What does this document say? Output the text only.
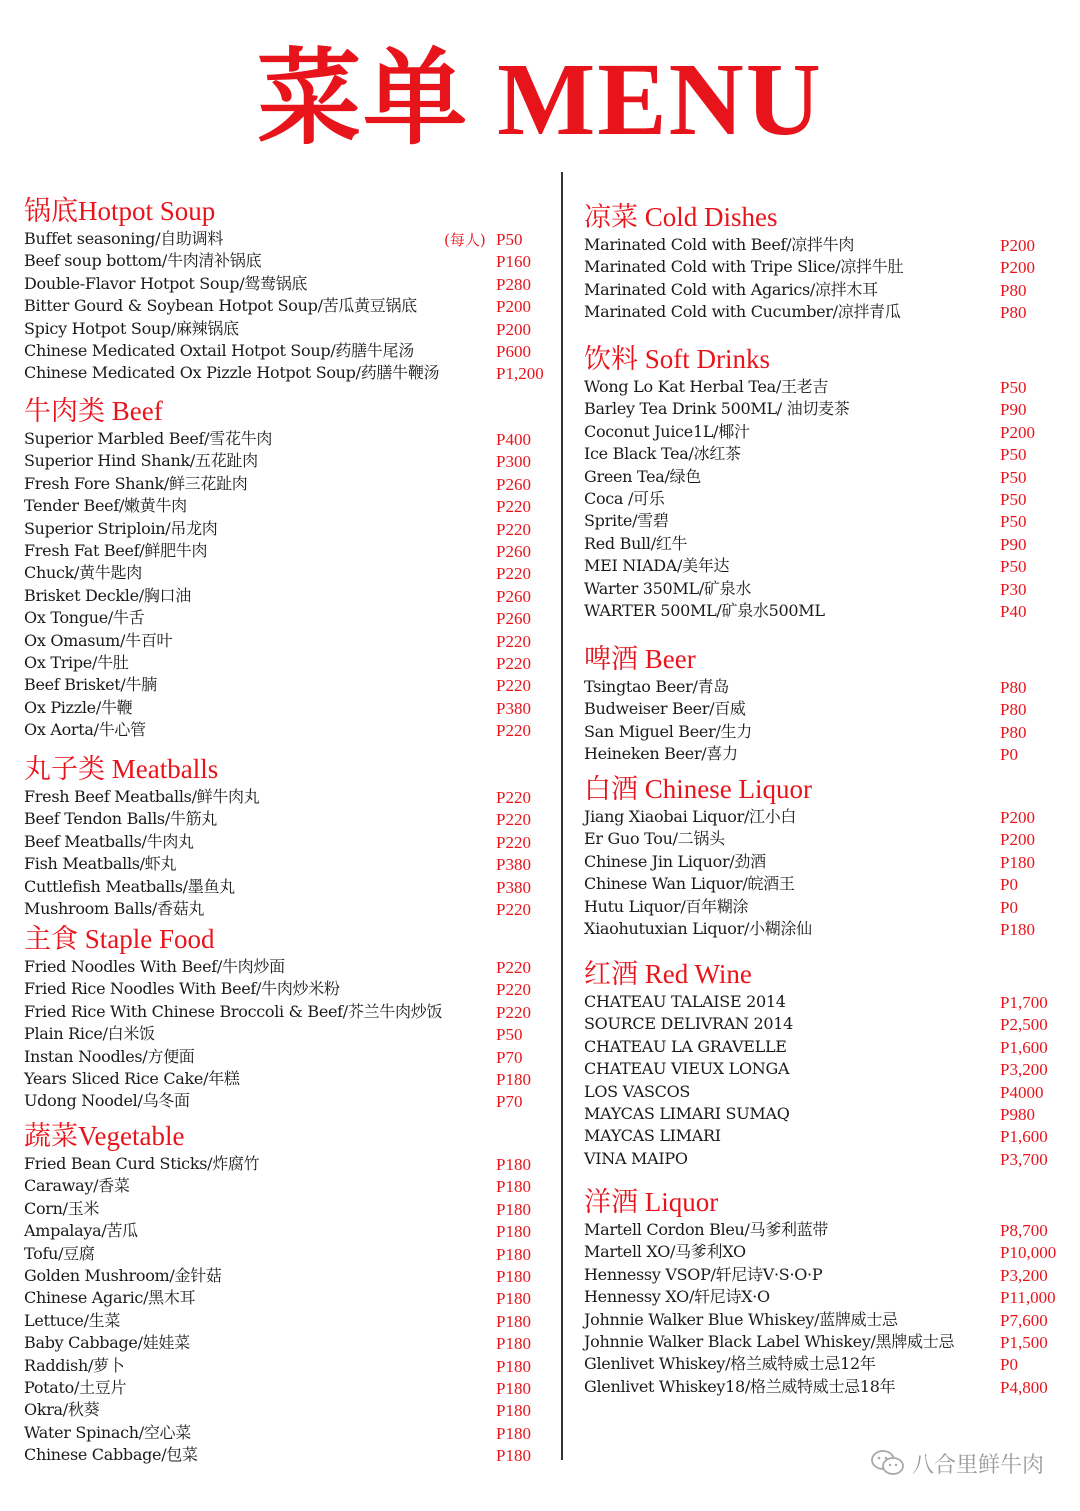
菜单 MENU
锅底Hotpot Soup
Buffet seasoning/自助调料	(每人) P50
Beef soup bottom/牛肉清补锅底	P160
Double-Flavor Hotpot Soup/鸳鸯锅底	P280
Bitter Gourd & Soybean Hotpot Soup/苦瓜黄豆锅底	P200
Spicy Hotpot Soup/麻辣锅底	P200
Chinese Medicated Oxtail Hotpot Soup/药膳牛尾汤	P600
Chinese Medicated Ox Pizzle Hotpot Soup/药膳牛鞭汤	P1,200
牛肉类 Beef
Superior Marbled Beef/雪花牛肉	P400
Superior Hind Shank/五花趾肉	P300
Fresh Fore Shank/鲜三花趾肉	P260
Tender Beef/嫩黄牛肉	P220
Superior Striploin/吊龙肉	P220
Fresh Fat Beef/鲜肥牛肉	P260
Chuck/黄牛匙肉	P220
Brisket Deckle/胸口油	P260
Ox Tongue/牛舌	P260
Ox Omasum/牛百叶	P220
Ox Tripe/牛肚	P220
Beef Brisket/牛腩	P220
Ox Pizzle/牛鞭	P380
Ox Aorta/牛心管	P220
丸子类 Meatballs
Fresh Beef Meatballs/鲜牛肉丸	P220
Beef Tendon Balls/牛筋丸	P220
Beef Meatballs/牛肉丸	P220
Fish Meatballs/虾丸	P380
Cuttlefish Meatballs/墨鱼丸	P380
Mushroom Balls/香菇丸	P220
主食 Staple Food
Fried Noodles With Beef/牛肉炒面	P220
Fried Rice Noodles With Beef/牛肉炒米粉	P220
Fried Rice With Chinese Broccoli & Beef/芥兰牛肉炒饭	P220
Plain Rice/白米饭	P50
Instan Noodles/方便面	P70
Years Sliced Rice Cake/年糕	P180
Udong Noodel/乌冬面	P70
蔬菜Vegetable
Fried Bean Curd Sticks/炸腐竹	P180
Caraway/香菜	P180
Corn/玉米	P180
Ampalaya/苦瓜	P180
Tofu/豆腐	P180
Golden Mushroom/金针菇	P180
Chinese Agaric/黑木耳	P180
Lettuce/生菜	P180
Baby Cabbage/娃娃菜	P180
Raddish/萝卜	P180
Potato/土豆片	P180
Okra/秋葵	P180
Water Spinach/空心菜	P180
Chinese Cabbage/包菜	P180
凉菜 Cold Dishes
Marinated Cold with Beef/凉拌牛肉	P200
Marinated Cold with Tripe Slice/凉拌牛肚	P200
Marinated Cold with Agarics/凉拌木耳	P80
Marinated Cold with Cucumber/凉拌青瓜	P80
饮料 Soft Drinks
Wong Lo Kat Herbal Tea/王老吉	P50
Barley Tea Drink 500ML/ 油切麦茶	P90
Coconut Juice1L/椰汁	P200
Ice Black Tea/冰红茶	P50
Green Tea/绿色	P50
Coca /可乐	P50
Sprite/雪碧	P50
Red Bull/红牛	P90
MEI NIADA/美年达	P50
Warter 350ML/矿泉水	P30
WARTER 500ML/矿泉水500ML	P40
啤酒 Beer
Tsingtao Beer/青岛	P80
Budweiser Beer/百威	P80
San Miguel Beer/生力	P80
Heineken Beer/喜力	P0
白酒 Chinese Liquor
Jiang Xiaobai Liquor/江小白	P200
Er Guo Tou/二锅头	P200
Chinese Jin Liquor/劲酒	P180
Chinese Wan Liquor/皖酒王	P0
Hutu Liquor/百年糊涂	P0
Xiaohutuxian Liquor/小糊涂仙	P180
红酒 Red Wine
CHATEAU TALAISE 2014	P1,700
SOURCE DELIVRAN 2014	P2,500
CHATEAU LA GRAVELLE	P1,600
CHATEAU VIEUX LONGA	P3,200
LOS VASCOS	P4000
MAYCAS LIMARI SUMAQ	P980
MAYCAS LIMARI	P1,600
VINA MAIPO	P3,700
洋酒 Liquor
Martell Cordon Bleu/马爹利蓝带	P8,700
Martell XO/马爹利XO	P10,000
Hennessy VSOP/轩尼诗V·S·O·P	P3,200
Hennessy XO/轩尼诗X·O	P11,000
Johnnie Walker Blue Whiskey/蓝牌威士忌	P7,600
Johnnie Walker Black Label Whiskey/黑牌威士忌	P1,500
Glenlivet Whiskey/格兰威特威士忌12年	P0
Glenlivet Whiskey18/格兰威特威士忌18年	P4,800
八合里鲜牛肉
